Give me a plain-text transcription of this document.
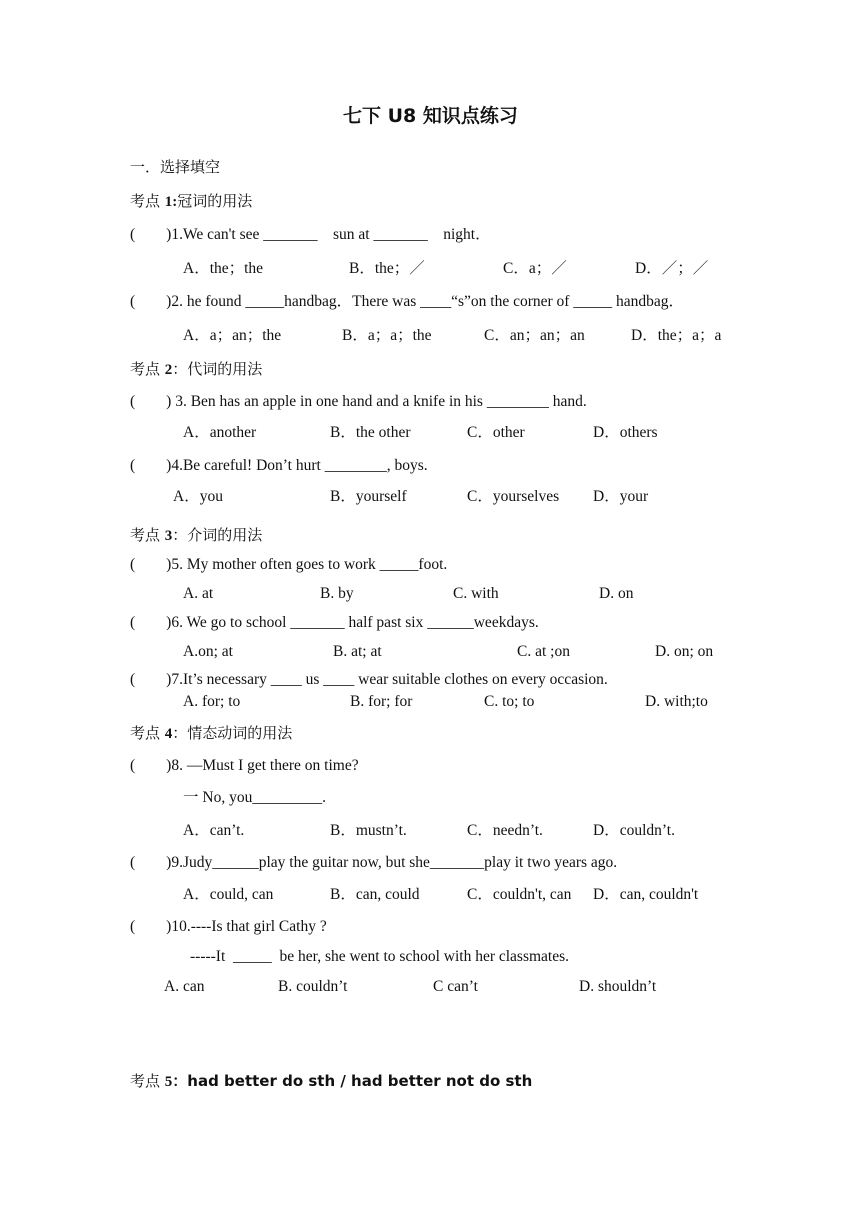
七下 U8 知识点练习
一．选择填空
考点 1:冠词的用法
(        )1.We can't see _______    sun at _______    night．
A．the；the	B．the；／	C．a；／	D．／；／
(        )2. he found _____handbag．There was ____“s”on the corner of _____ handbag．
A．a；an；the	B．a；a；the	C．an；an；an	D．the；a；a
考点 2：代词的用法
(        ) 3. Ben has an apple in one hand and a knife in his ________ hand.
A．another	B．the other	C．other	D．others
(        )4.Be careful! Don’t hurt ________, boys.
A．you	B．yourself	C．yourselves D．your
考点 3：介词的用法
(        )5. My mother often goes to work _____foot.
A. at	B. by	C. with	D. on
(        )6. We go to school _______ half past six ______weekdays.
A.on; at	B. at; at	C. at ;on	D. on; on
(        )7.It’s necessary ____ us ____ wear suitable clothes on every occasion.
A. for; to	B. for; for	C. to; to	D. with;to
考点 4：情态动词的用法
(        )8. —Must I get there on time?
一 No, you_________.
A．can’t.	B．mustn’t.	C．needn’t.	D．couldn’t.
(        )9.Judy______play the guitar now, but she_______play it two years ago.
A．could, can	B．can, could	C．couldn't, can D．can, couldn't
(        )10.----Is that girl Cathy ?
-----It  _____  be her, she went to school with her classmates.
A. can	B. couldn’t	C can’t	D. shouldn’t
考点 5：had better do sth / had better not do sth
